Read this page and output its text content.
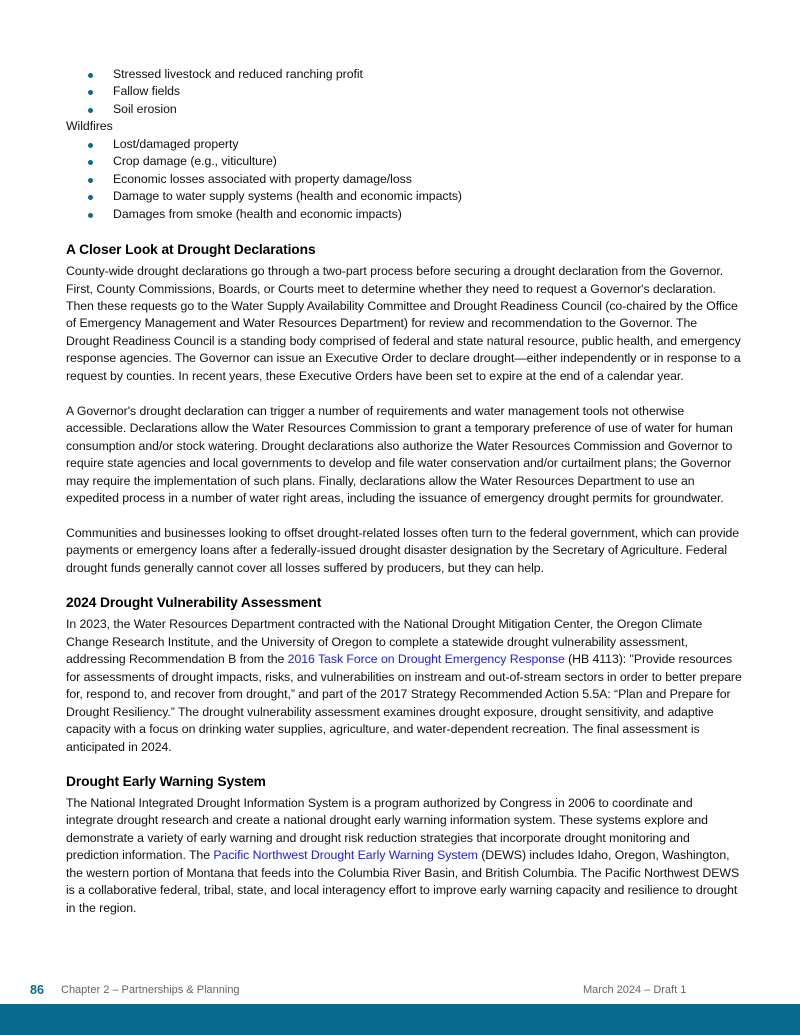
Stressed livestock and reduced ranching profit
Fallow fields
Soil erosion
Wildfires
Lost/damaged property
Crop damage (e.g., viticulture)
Economic losses associated with property damage/loss
Damage to water supply systems (health and economic impacts)
Damages from smoke (health and economic impacts)
A Closer Look at Drought Declarations

County-wide drought declarations go through a two-part process before securing a drought declaration from the Governor. First, County Commissions, Boards, or Courts meet to determine whether they need to request a Governor's declaration. Then these requests go to the Water Supply Availability Committee and Drought Readiness Council (co-chaired by the Office of Emergency Management and Water Resources Department) for review and recommendation to the Governor. The Drought Readiness Council is a standing body comprised of federal and state natural resource, public health, and emergency response agencies. The Governor can issue an Executive Order to declare drought—either independently or in response to a request by counties. In recent years, these Executive Orders have been set to expire at the end of a calendar year.

A Governor's drought declaration can trigger a number of requirements and water management tools not otherwise accessible. Declarations allow the Water Resources Commission to grant a temporary preference of use of water for human consumption and/or stock watering. Drought declarations also authorize the Water Resources Commission and Governor to require state agencies and local governments to develop and file water conservation and/or curtailment plans; the Governor may require the implementation of such plans. Finally, declarations allow the Water Resources Department to use an expedited process in a number of water right areas, including the issuance of emergency drought permits for groundwater.

Communities and businesses looking to offset drought-related losses often turn to the federal government, which can provide payments or emergency loans after a federally-issued drought disaster designation by the Secretary of Agriculture. Federal drought funds generally cannot cover all losses suffered by producers, but they can help.

2024 Drought Vulnerability Assessment

In 2023, the Water Resources Department contracted with the National Drought Mitigation Center, the Oregon Climate Change Research Institute, and the University of Oregon to complete a statewide drought vulnerability assessment, addressing Recommendation B from the 2016 Task Force on Drought Emergency Response (HB 4113): "Provide resources for assessments of drought impacts, risks, and vulnerabilities on instream and out-of-stream sectors in order to better prepare for, respond to, and recover from drought,” and part of the 2017 Strategy Recommended Action 5.5A: “Plan and Prepare for Drought Resiliency.” The drought vulnerability assessment examines drought exposure, drought sensitivity, and adaptive capacity with a focus on drinking water supplies, agriculture, and water-dependent recreation. The final assessment is anticipated in 2024.

Drought Early Warning System

The National Integrated Drought Information System is a program authorized by Congress in 2006 to coordinate and integrate drought research and create a national drought early warning information system. These systems explore and demonstrate a variety of early warning and drought risk reduction strategies that incorporate drought monitoring and prediction information. The Pacific Northwest Drought Early Warning System (DEWS) includes Idaho, Oregon, Washington, the western portion of Montana that feeds into the Columbia River Basin, and British Columbia. The Pacific Northwest DEWS is a collaborative federal, tribal, state, and local interagency effort to improve early warning capacity and resilience to drought in the region.

86 Chapter 2 – Partnerships & Planning	March 2024 – Draft 1
